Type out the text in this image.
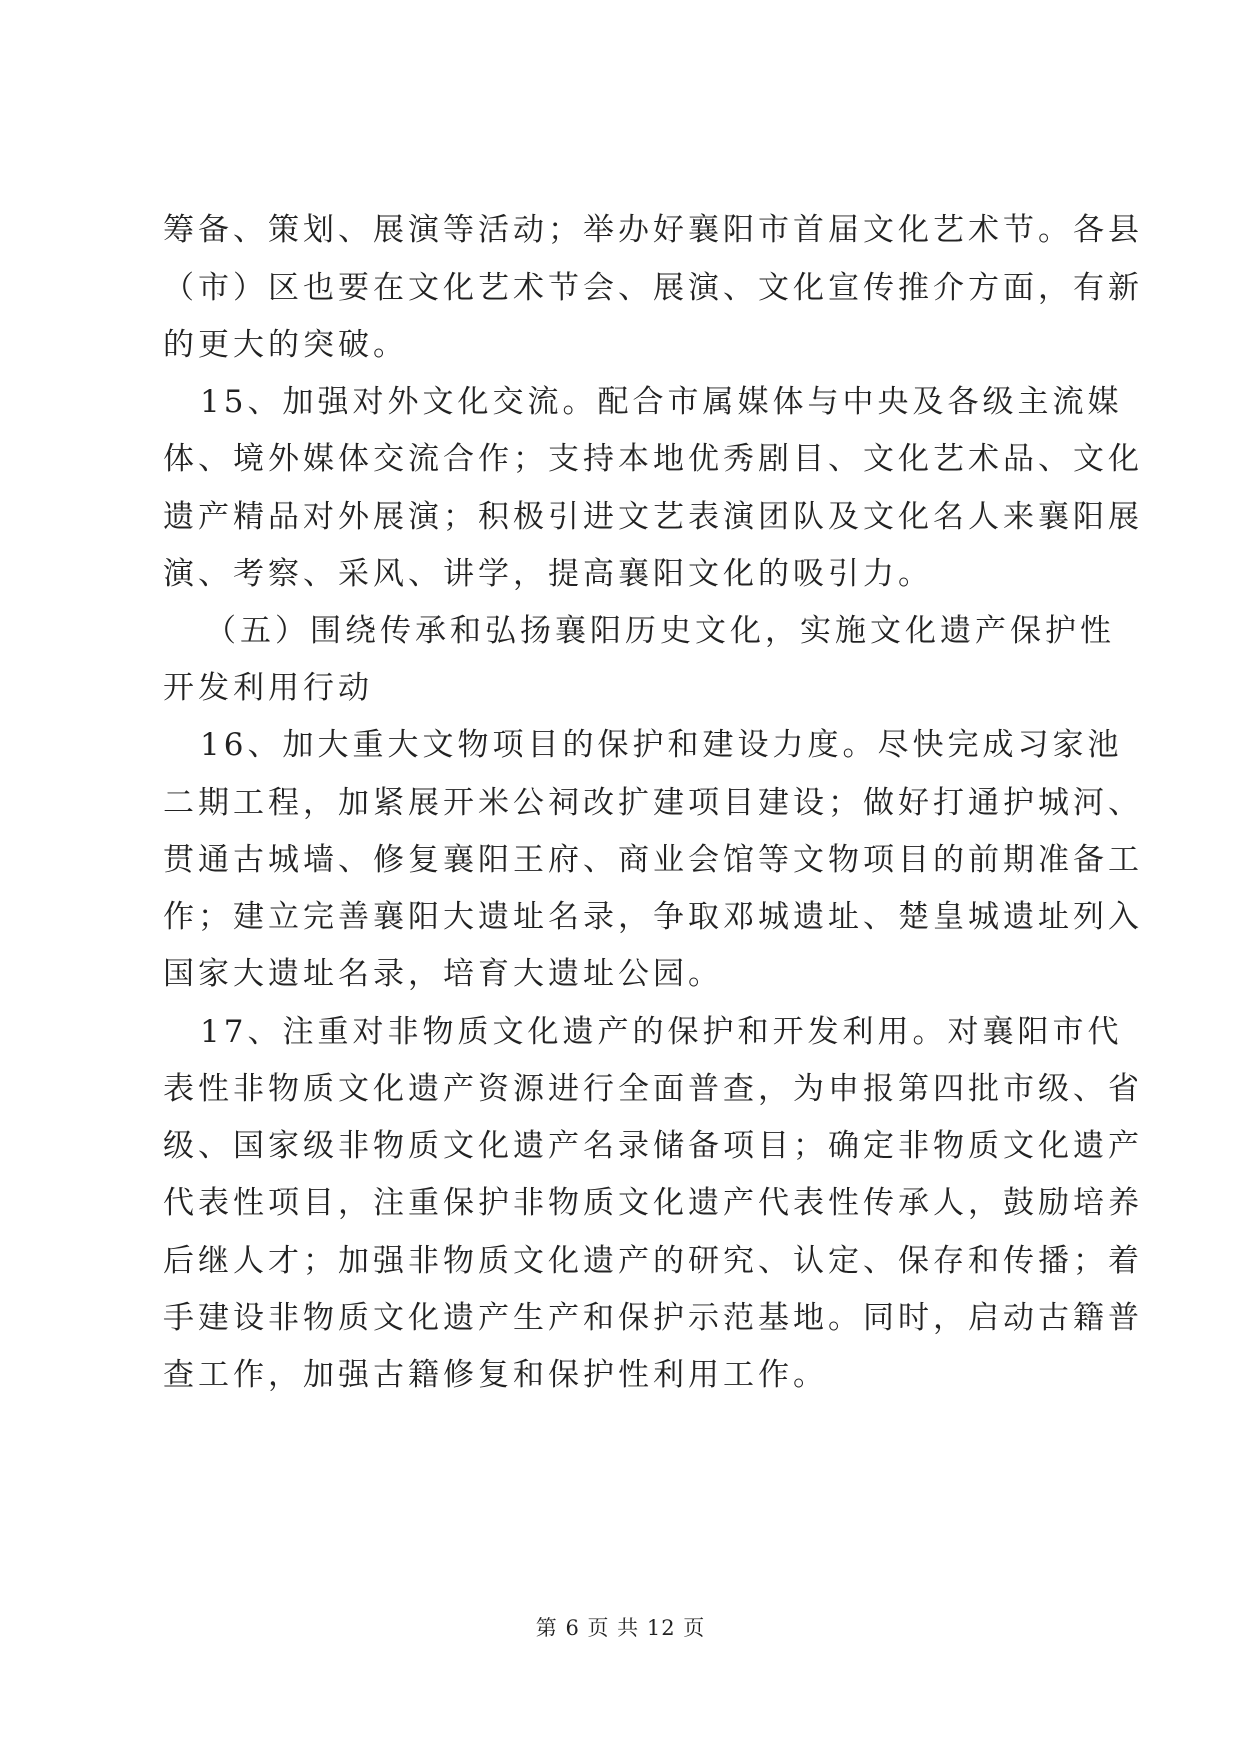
筹备、策划、展演等活动；举办好襄阳市首届文化艺术节。各县
（市）区也要在文化艺术节会、展演、文化宣传推介方面，有新
的更大的突破。
15、加强对外文化交流。配合市属媒体与中央及各级主流媒
体、境外媒体交流合作；支持本地优秀剧目、文化艺术品、文化
遗产精品对外展演；积极引进文艺表演团队及文化名人来襄阳展
演、考察、采风、讲学，提高襄阳文化的吸引力。
（五）围绕传承和弘扬襄阳历史文化，实施文化遗产保护性
开发利用行动
16、加大重大文物项目的保护和建设力度。尽快完成习家池
二期工程，加紧展开米公祠改扩建项目建设；做好打通护城河、
贯通古城墙、修复襄阳王府、商业会馆等文物项目的前期准备工
作；建立完善襄阳大遗址名录，争取邓城遗址、楚皇城遗址列入
国家大遗址名录，培育大遗址公园。
17、注重对非物质文化遗产的保护和开发利用。对襄阳市代
表性非物质文化遗产资源进行全面普查，为申报第四批市级、省
级、国家级非物质文化遗产名录储备项目；确定非物质文化遗产
代表性项目，注重保护非物质文化遗产代表性传承人，鼓励培养
后继人才；加强非物质文化遗产的研究、认定、保存和传播；着
手建设非物质文化遗产生产和保护示范基地。同时，启动古籍普
查工作，加强古籍修复和保护性利用工作。
第 6 页 共 12 页
